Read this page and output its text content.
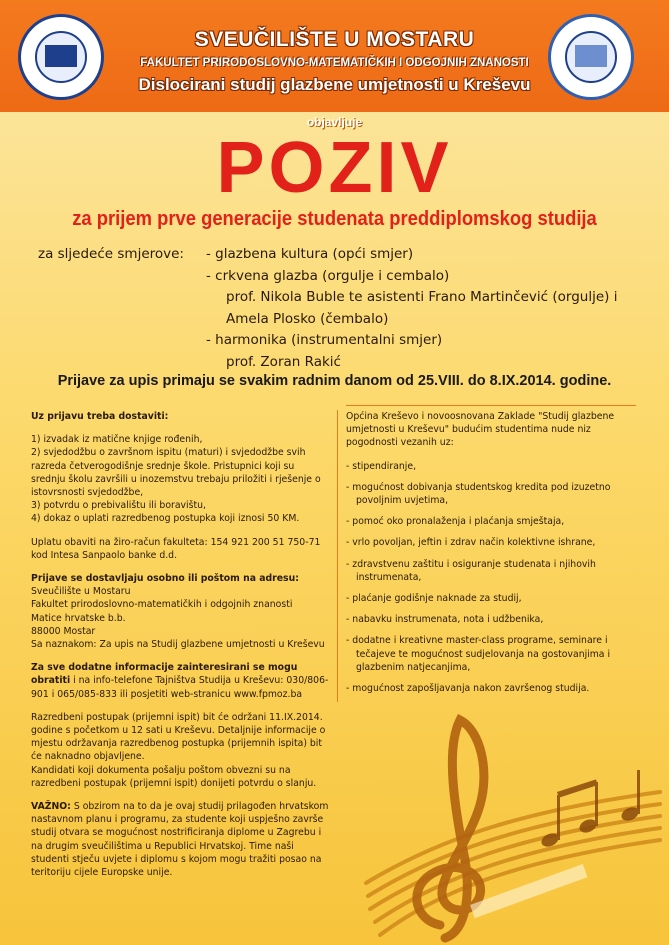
SVEUČILIŠTE U MOSTARU
FAKULTET PRIRODOSLOVNO-MATEMATIČKIH I ODGOJNIH ZNANOSTI
Dislocirani studij glazbene umjetnosti u Kreševu
objavljuje
POZIV
za prijem prve generacije studenata preddiplomskog studija
za sljedeće smjerove: - glazbena kultura (opći smjer)
- crkvena glazba (orgulje i cembalo)
prof. Nikola Buble te asistenti Frano Martinčević (orgulje) i
Amela Plosko (čembalo)
- harmonika (instrumentalni smjer)
prof. Zoran Rakić
Prijave za upis primaju se svakim radnim danom od 25.VIII. do 8.IX.2014. godine.

Uz prijavu treba dostaviti:

1) izvadak iz matične knjige rođenih,
2) svjedodžbu o završnom ispitu (maturi) i svjedodžbe svih razreda četverogodišnje srednje škole. Pristupnici koji su srednju školu završili u inozemstvu trebaju priložiti i rješenje o istovrsnosti svjedodžbe,
3) potvrdu o prebivalištu ili boravištu,
4) dokaz o uplati razredbenog postupka koji iznosi 50 KM.

Uplatu obaviti na žiro-račun fakulteta: 154 921 200 51 750-71 kod Intesa Sanpaolo banke d.d.

Prijave se dostavljaju osobno ili poštom na adresu:
Sveučilište u Mostaru
Fakultet prirodoslovno-matematičkih i odgojnih znanosti
Matice hrvatske b.b.
88000 Mostar
Sa naznakom: Za upis na Studij glazbene umjetnosti u Kreševu

Za sve dodatne informacije zainteresirani se mogu obratiti i na info-telefone Tajništva Studija u Kreševu: 030/806-901 i 065/085-833 ili posjetiti web-stranicu www.fpmoz.ba

Razredbeni postupak (prijemni ispit) bit će održani 11.IX.2014. godine s početkom u 12 sati u Kreševu. Detaljnije informacije o mjestu održavanja razredbenog postupka (prijemnih ispita) bit će naknadno objavljene.

Kandidati koji dokumenta pošalju poštom obvezni su na razredbeni postupak (prijemni ispit) donijeti potvrdu o slanju.

VAŽNO: S obzirom na to da je ovaj studij prilagođen hrvatskom nastavnom planu i programu, za studente koji uspješno završe studij otvara se mogućnost nostrificiranja diplome u Zagrebu i na drugim sveučilištima u Republici Hrvatskoj. Time naši studenti stječu uvjete i diplomu s kojom mogu tražiti posao na teritoriju cijele Europske unije.

Općina Kreševo i novoosnovana Zaklade "Studij glazbene umjetnosti u Kreševu" budućim studentima nude niz pogodnosti vezanih uz:

- stipendiranje,
- mogućnost dobivanja studentskog kredita pod izuzetno povoljnim uvjetima,
- pomoć oko pronalaženja i plaćanja smještaja,
- vrlo povoljan, jeftin i zdrav način kolektivne ishrane,
- zdravstvenu zaštitu i osiguranje studenata i njihovih instrumenata,
- plaćanje godišnje naknade za studij,
- nabavku instrumenata, nota i udžbenika,
- dodatne i kreativne master-class programe, seminare i tečajeve te mogućnost sudjelovanja na gostovanjima i glazbenim natjecanjima,
- mogućnost zapošljavanja nakon završenog studija.
